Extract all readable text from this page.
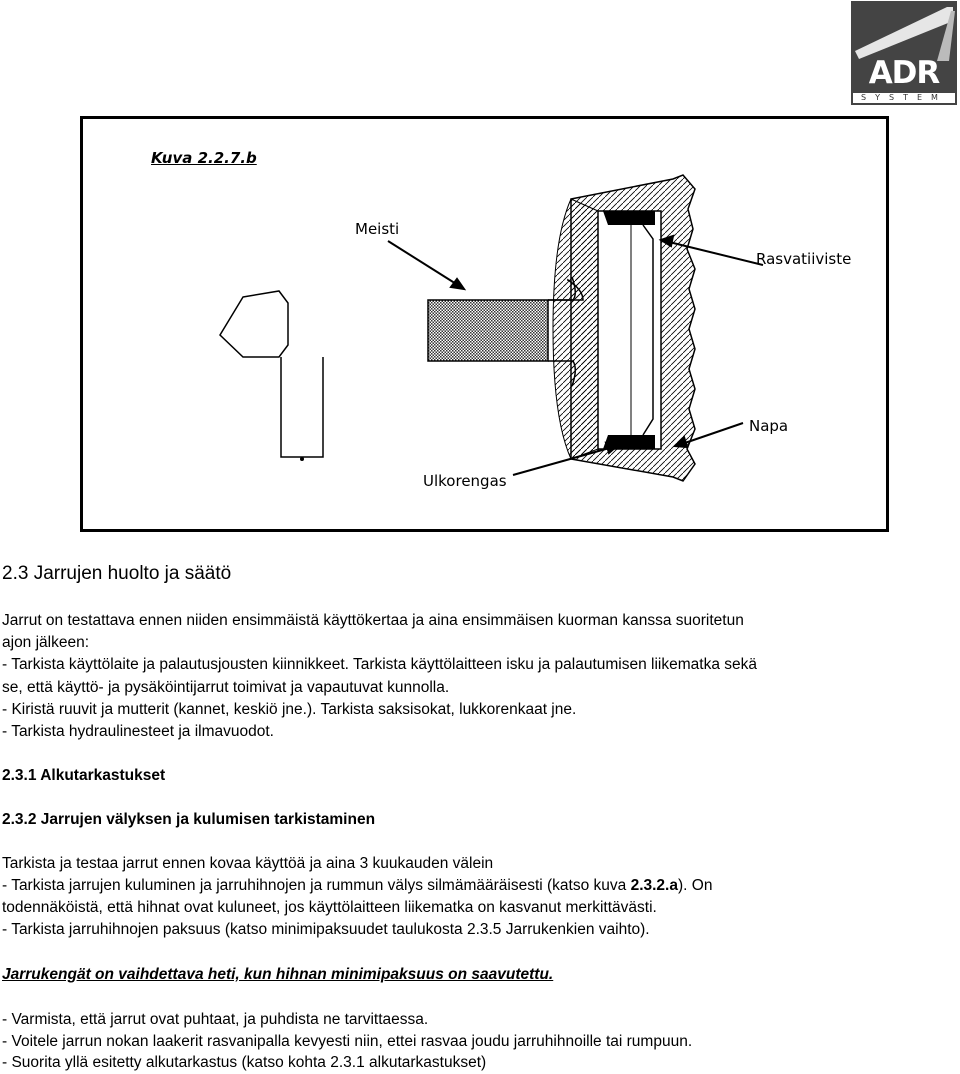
ADR
SYSTEM
Kuva 2.2.7.b
Meisti
Rasvatiiviste
Napa
Ulkorengas
2.3 Jarrujen huolto ja säätö
Jarrut on testattava ennen niiden ensimmäistä käyttökertaa ja aina ensimmäisen kuorman kanssa suoritetun
ajon jälkeen:
- Tarkista käyttölaite ja palautusjousten kiinnikkeet. Tarkista käyttölaitteen isku ja palautumisen liikematka sekä
se, että käyttö- ja pysäköintijarrut toimivat ja vapautuvat kunnolla.
- Kiristä ruuvit ja mutterit (kannet, keskiö jne.). Tarkista saksisokat, lukkorenkaat jne.
- Tarkista hydraulinesteet ja ilmavuodot.
2.3.1 Alkutarkastukset
2.3.2 Jarrujen välyksen ja kulumisen tarkistaminen
Tarkista ja testaa jarrut ennen kovaa käyttöä ja aina 3 kuukauden välein
- Tarkista jarrujen kuluminen ja jarruhihnojen ja rummun välys silmämääräisesti (katso kuva 2.3.2.a). On
todennäköistä, että hihnat ovat kuluneet, jos käyttölaitteen liikematka on kasvanut merkittävästi.
- Tarkista jarruhihnojen paksuus (katso minimipaksuudet taulukosta 2.3.5 Jarrukenkien vaihto).
Jarrukengät on vaihdettava heti, kun hihnan minimipaksuus on saavutettu.
- Varmista, että jarrut ovat puhtaat, ja puhdista ne tarvittaessa.
- Voitele jarrun nokan laakerit rasvanipalla kevyesti niin, ettei rasvaa joudu jarruhihnoille tai rumpuun.
- Suorita yllä esitetty alkutarkastus (katso kohta 2.3.1 alkutarkastukset)
